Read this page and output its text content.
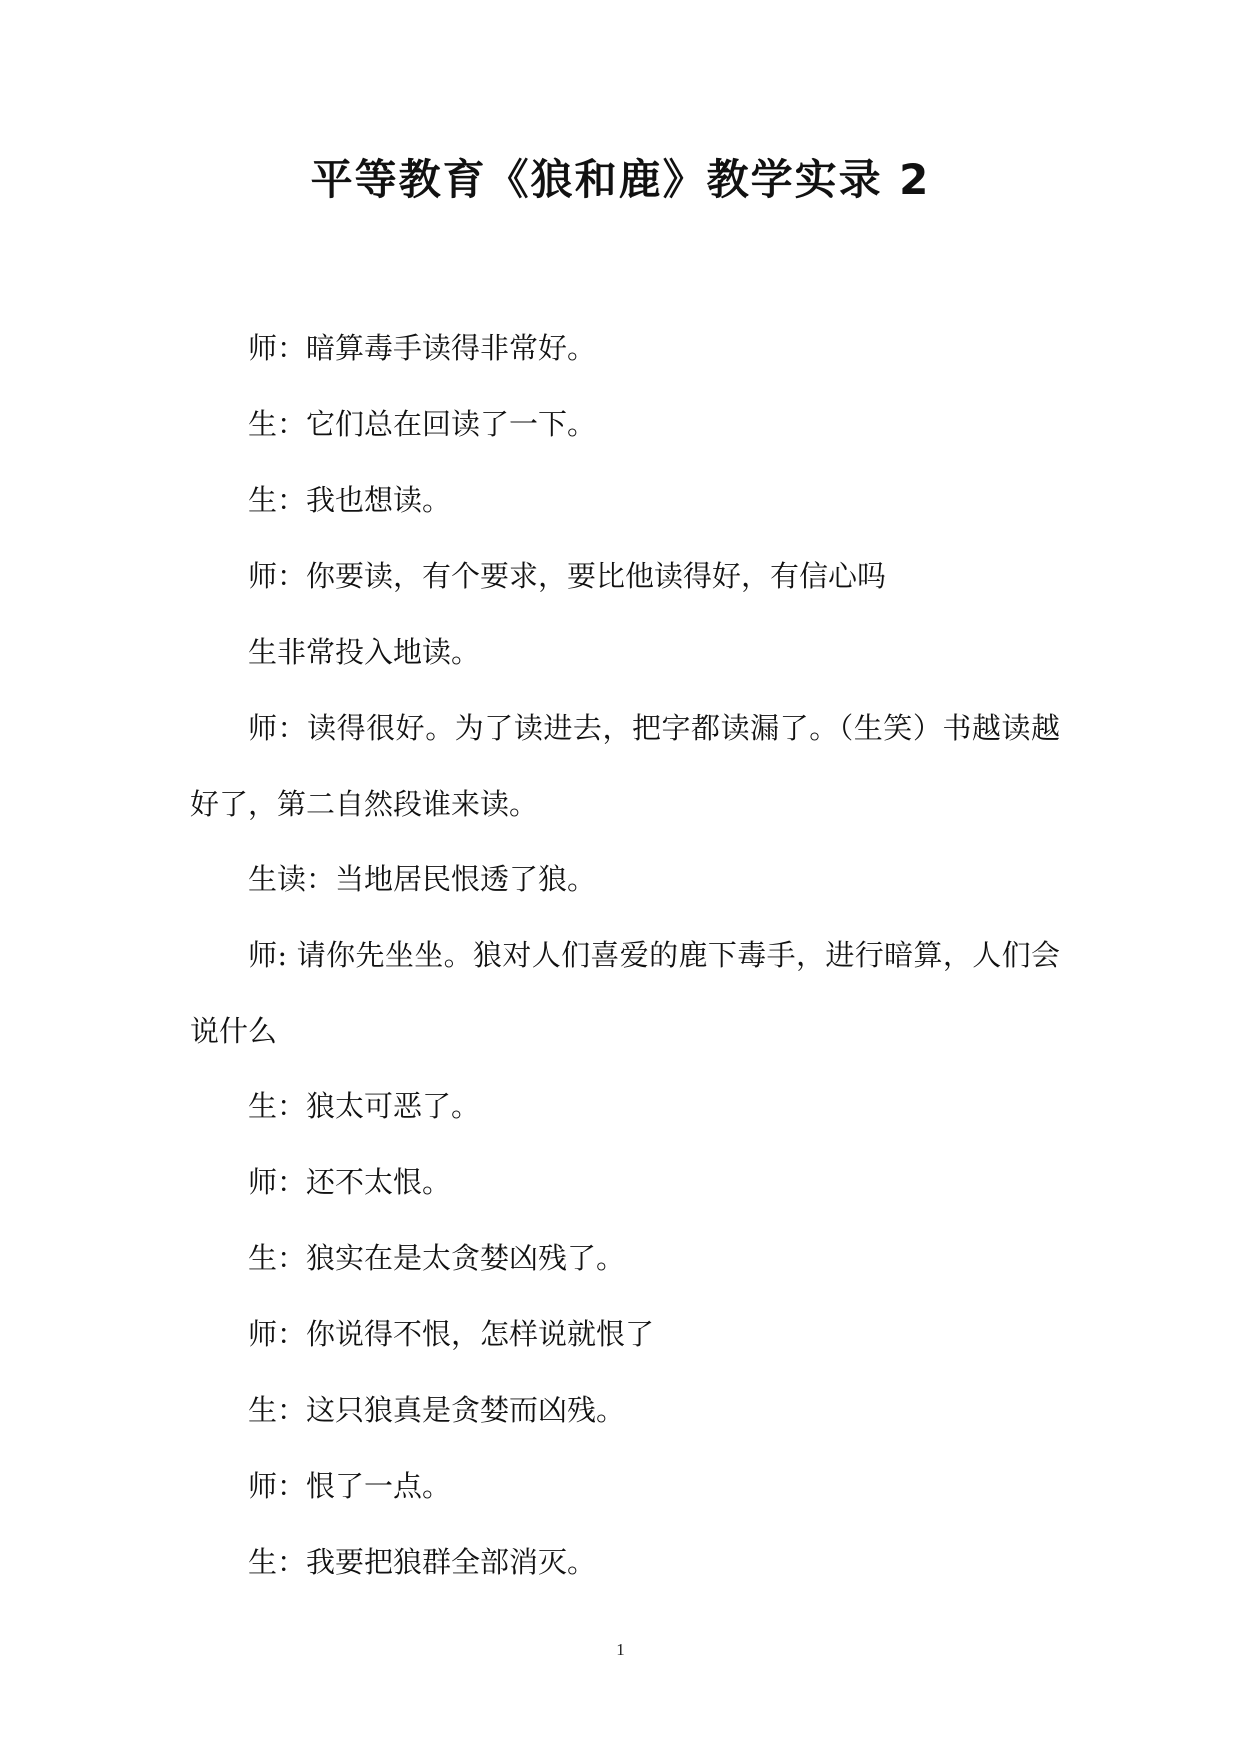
平等教育《狼和鹿》教学实录 2

师：暗算毒手读得非常好。

生：它们总在回读了一下。

生：我也想读。

师：你要读，有个要求，要比他读得好，有信心吗

生非常投入地读。

师：读得很好。为了读进去，把字都读漏了。（生笑）书越读越好了，第二自然段谁来读。

生读：当地居民恨透了狼。

师: 请你先坐坐。狼对人们喜爱的鹿下毒手，进行暗算，人们会说什么

生：狼太可恶了。

师：还不太恨。

生：狼实在是太贪婪凶残了。

师：你说得不恨，怎样说就恨了

生：这只狼真是贪婪而凶残。

师：恨了一点。

生：我要把狼群全部消灭。

1
